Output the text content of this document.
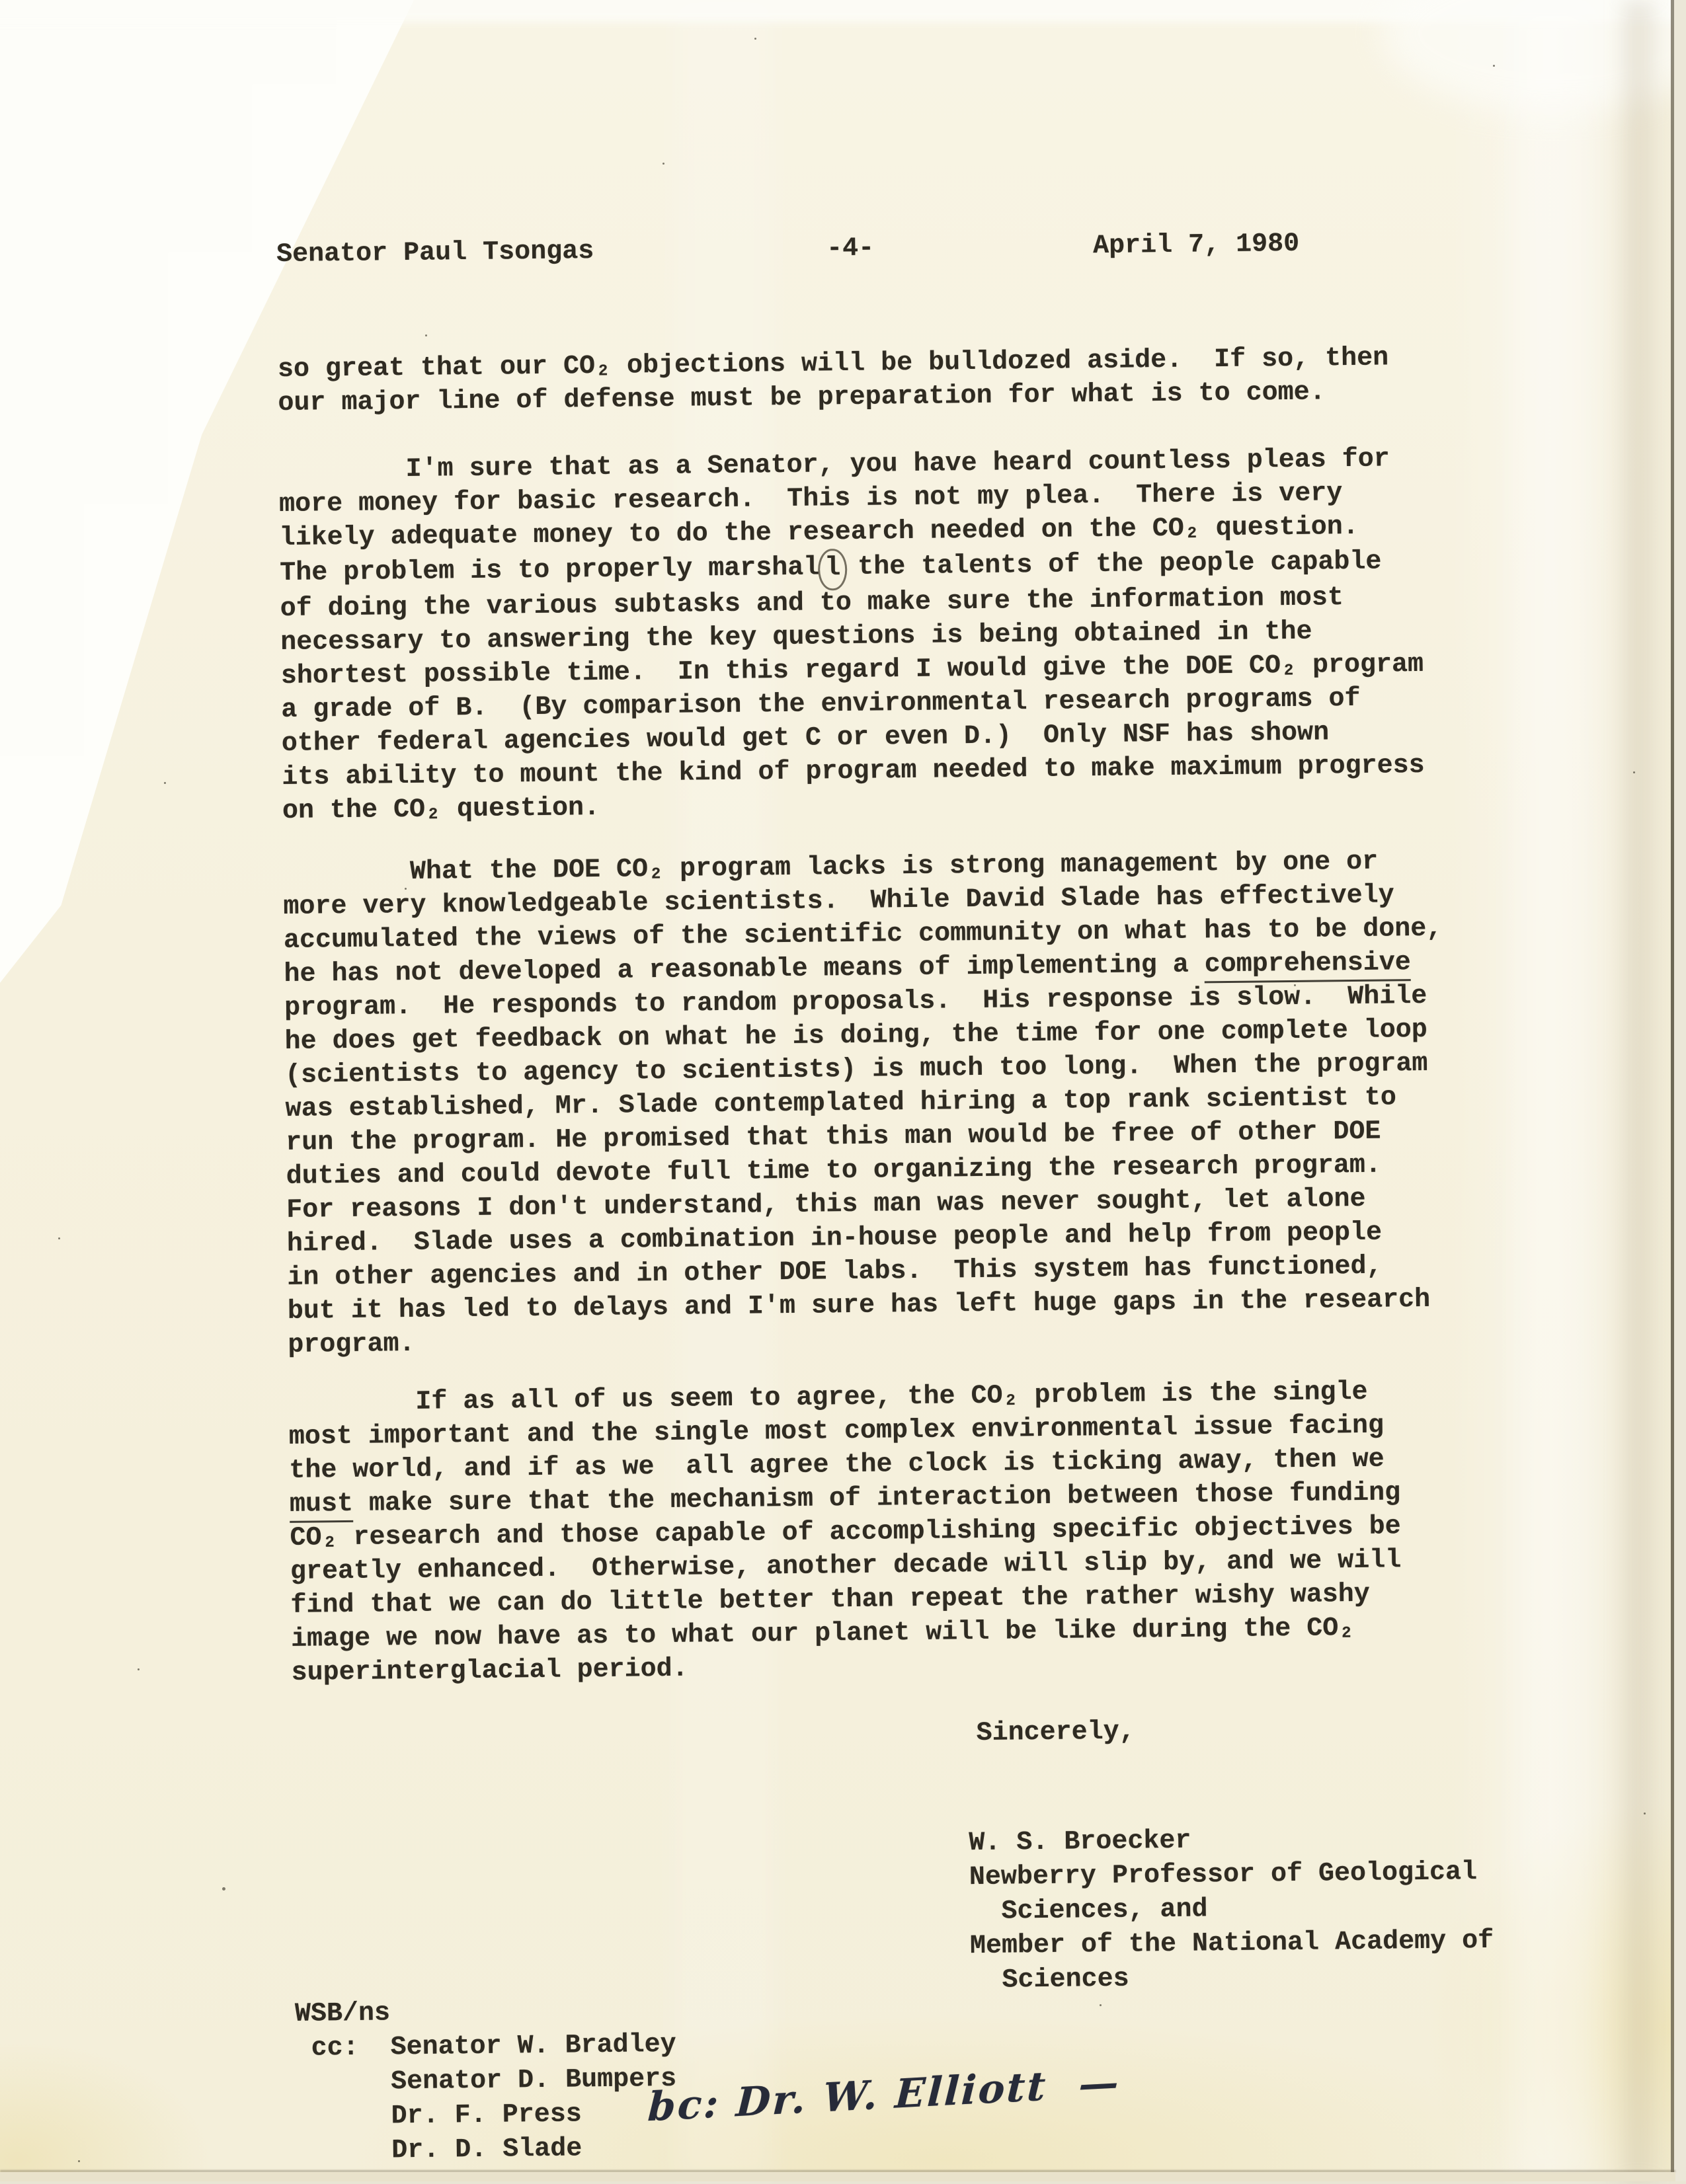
Senator Paul Tsongas	-4-	April 7, 1980
so great that our CO₂ objections will be bulldozed aside.  If so, then
our major line of defense must be preparation for what is to come.
I'm sure that as a Senator, you have heard countless pleas for
more money for basic research.  This is not my plea.  There is very
likely adequate money to do the research needed on the CO₂ question.
The problem is to properly marshal l the talents of the people capable
of doing the various subtasks and to make sure the information most
necessary to answering the key questions is being obtained in the
shortest possible time.  In this regard I would give the DOE CO₂ program
a grade of B.  (By comparison the environmental research programs of
other federal agencies would get C or even D.)  Only NSF has shown
its ability to mount the kind of program needed to make maximum progress
on the CO₂ question.
What the DOE CO₂ program lacks is strong management by one or
more very knowledgeable scientists.  While David Slade has effectively
accumulated the views of the scientific community on what has to be done,
he has not developed a reasonable means of implementing a comprehensive
program.  He responds to random proposals.  His response is slow.  While
he does get feedback on what he is doing, the time for one complete loop
(scientists to agency to scientists) is much too long.  When the program
was established, Mr. Slade contemplated hiring a top rank scientist to
run the program. He promised that this man would be free of other DOE
duties and could devote full time to organizing the research program.
For reasons I don't understand, this man was never sought, let alone
hired.  Slade uses a combination in-house people and help from people
in other agencies and in other DOE labs.  This system has functioned,
but it has led to delays and I'm sure has left huge gaps in the research
program.
If as all of us seem to agree, the CO₂ problem is the single
most important and the single most complex environmental issue facing
the world, and if as we  all agree the clock is ticking away, then we
must make sure that the mechanism of interaction between those funding
CO₂ research and those capable of accomplishing specific objectives be
greatly enhanced.  Otherwise, another decade will slip by, and we will
find that we can do little better than repeat the rather wishy washy
image we now have as to what our planet will be like during the CO₂
superinterglacial period.
Sincerely,
W. S. Broecker
Newberry Professor of Geological
Sciences, and
Member of the National Academy of
Sciences
WSB/ns
cc:  Senator W. Bradley
Senator D. Bumpers
Dr. F. Press
Dr. D. Slade
bc: Dr. W. Elliott  —
